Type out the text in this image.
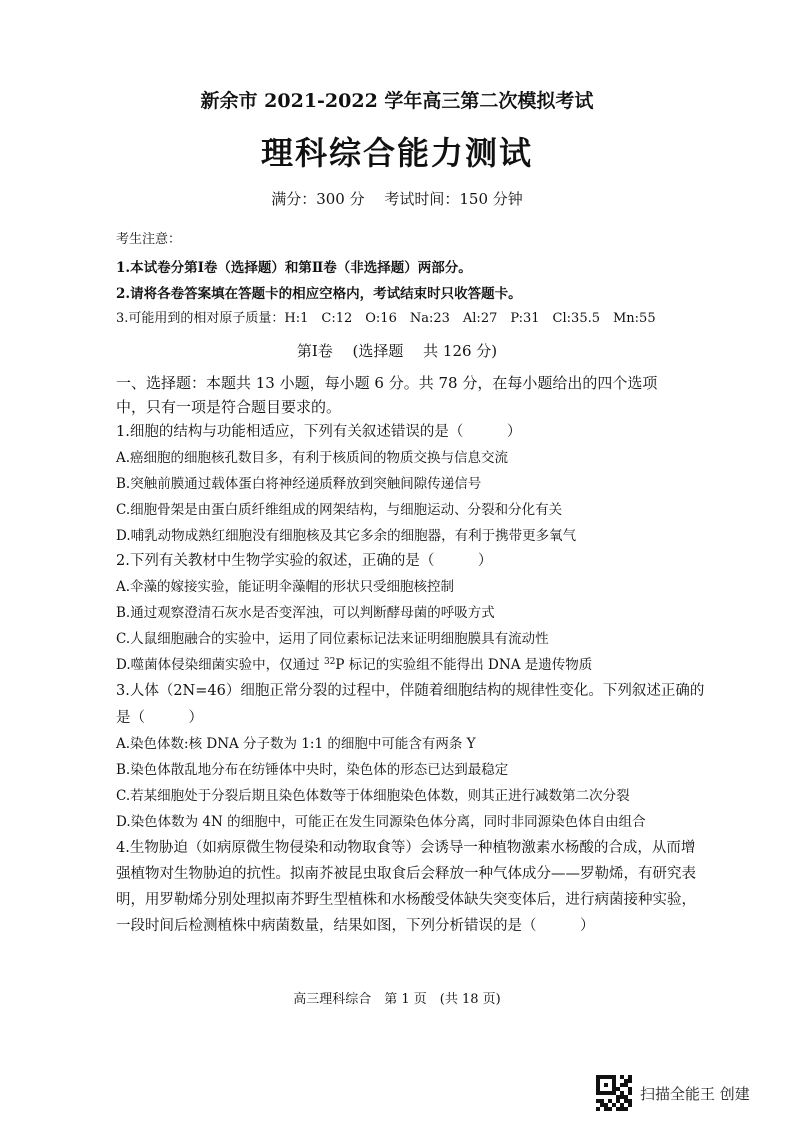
新余市 2021-2022 学年高三第二次模拟考试
理科综合能力测试
满分：300 分　 考试时间：150 分钟
考生注意：
1.本试卷分第Ⅰ卷（选择题）和第Ⅱ卷（非选择题）两部分。
2.请将各卷答案填在答题卡的相应空格内，考试结束时只收答题卡。
3.可能用到的相对原子质量：H:1　C:12　O:16　Na:23　Al:27　P:31　Cl:35.5　Mn:55
第Ⅰ卷　 (选择题　 共 126 分)
一、选择题：本题共 13 小题，每小题 6 分。共 78 分，在每小题给出的四个选项
中，只有一项是符合题目要求的。
1.细胞的结构与功能相适应，下列有关叙述错误的是（　　　）
A.癌细胞的细胞核孔数目多，有利于核质间的物质交换与信息交流
B.突触前膜通过载体蛋白将神经递质释放到突触间隙传递信号
C.细胞骨架是由蛋白质纤维组成的网架结构，与细胞运动、分裂和分化有关
D.哺乳动物成熟红细胞没有细胞核及其它多余的细胞器，有利于携带更多氧气
2.下列有关教材中生物学实验的叙述，正确的是（　　　）
A.伞藻的嫁接实验，能证明伞藻帽的形状只受细胞核控制
B.通过观察澄清石灰水是否变浑浊，可以判断酵母菌的呼吸方式
C.人鼠细胞融合的实验中，运用了同位素标记法来证明细胞膜具有流动性
D.噬菌体侵染细菌实验中，仅通过 $^{32}$P 标记的实验组不能得出 DNA 是遗传物质
3.人体（2N=46）细胞正常分裂的过程中，伴随着细胞结构的规律性变化。下列叙述正确的
是（　　　）
A.染色体数:核 DNA 分子数为 1:1 的细胞中可能含有两条 Y
B.染色体散乱地分布在纺锤体中央时，染色体的形态已达到最稳定
C.若某细胞处于分裂后期且染色体数等于体细胞染色体数，则其正进行减数第二次分裂
D.染色体数为 4N 的细胞中，可能正在发生同源染色体分离，同时非同源染色体自由组合
4.生物胁迫（如病原微生物侵染和动物取食等）会诱导一种植物激素水杨酸的合成，从而增
强植物对生物胁迫的抗性。拟南芥被昆虫取食后会释放一种气体成分——罗勒烯，有研究表
明，用罗勒烯分别处理拟南芥野生型植株和水杨酸受体缺失突变体后，进行病菌接种实验，
一段时间后检测植株中病菌数量，结果如图，下列分析错误的是（　　　）
高三理科综合　第 1 页　(共 18 页)
扫描全能王 创建
